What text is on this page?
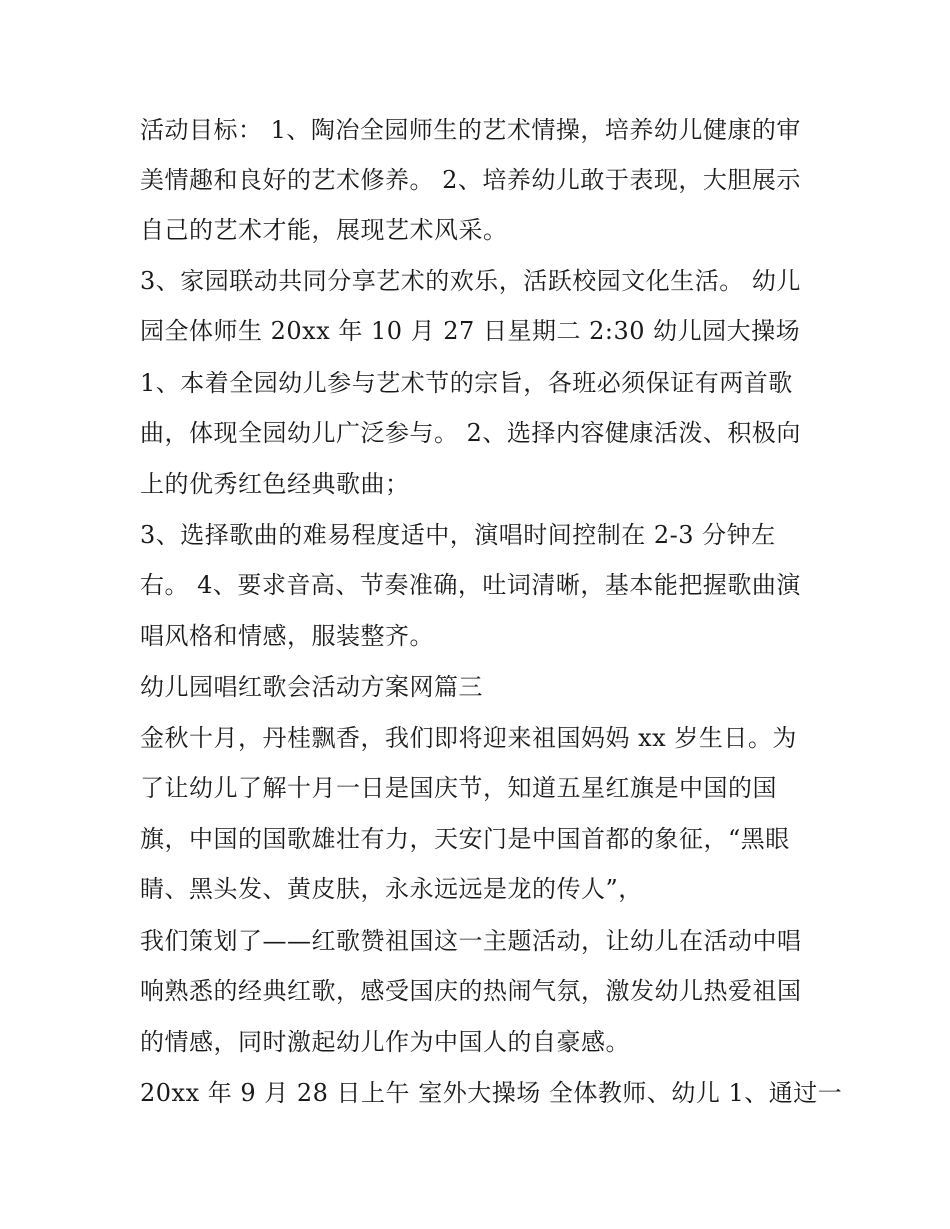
活动目标： 1、陶冶全园师生的艺术情操，培养幼儿健康的审
美情趣和良好的艺术修养。 2、培养幼儿敢于表现，大胆展示
自己的艺术才能，展现艺术风采。
3、家园联动共同分享艺术的欢乐，活跃校园文化生活。 幼儿
园全体师生 20xx 年 10 月 27 日星期二 2:30 幼儿园大操场
1、本着全园幼儿参与艺术节的宗旨，各班必须保证有两首歌
曲，体现全园幼儿广泛参与。 2、选择内容健康活泼、积极向
上的优秀红色经典歌曲；
3、选择歌曲的难易程度适中，演唱时间控制在 2-3 分钟左
右。 4、要求音高、节奏准确，吐词清晰，基本能把握歌曲演
唱风格和情感，服装整齐。
幼儿园唱红歌会活动方案网篇三
金秋十月，丹桂飘香，我们即将迎来祖国妈妈 xx 岁生日。为
了让幼儿了解十月一日是国庆节，知道五星红旗是中国的国
旗，中国的国歌雄壮有力，天安门是中国首都的象征，“黑眼
睛、黑头发、黄皮肤，永永远远是龙的传人”，
我们策划了——红歌赞祖国这一主题活动，让幼儿在活动中唱
响熟悉的经典红歌，感受国庆的热闹气氛，激发幼儿热爱祖国
的情感，同时激起幼儿作为中国人的自豪感。
20xx 年 9 月 28 日上午 室外大操场 全体教师、幼儿 1、通过一
